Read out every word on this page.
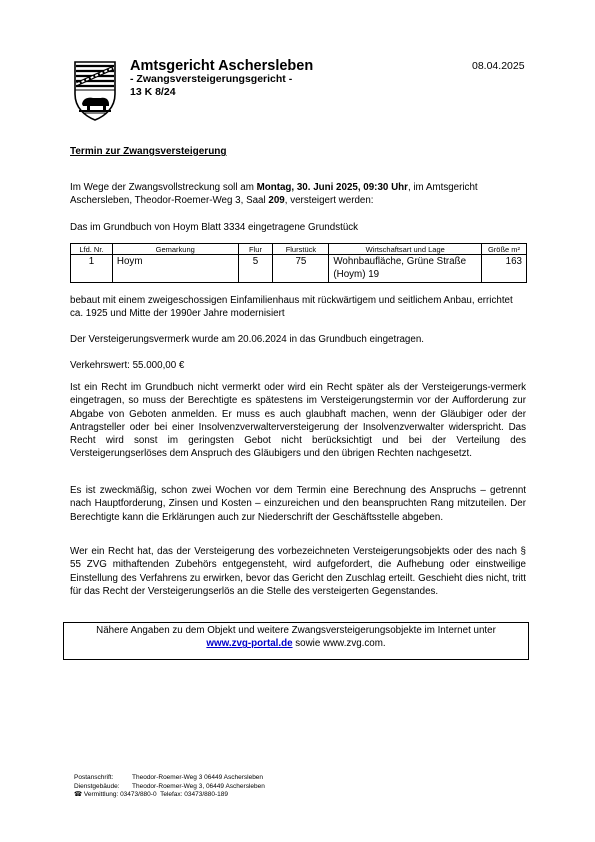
Amtsgericht Aschersleben
- Zwangsversteigerungsgericht -
13 K 8/24
08.04.2025
Termin zur Zwangsversteigerung
Im Wege der Zwangsvollstreckung soll am Montag, 30. Juni 2025, 09:30 Uhr, im Amtsgericht Aschersleben, Theodor-Roemer-Weg 3, Saal 209, versteigert werden:
Das im Grundbuch von Hoym Blatt 3334 eingetragene Grundstück
Lfd. Nr.	Gemarkung	Flur	Flurstück	Wirtschaftsart und Lage	Größe m²
1	Hoym	5	75	Wohnbaufläche, Grüne Straße (Hoym) 19	163
bebaut mit einem zweigeschossigen Einfamilienhaus mit rückwärtigem und seitlichem Anbau, errichtet ca. 1925 und Mitte der 1990er Jahre modernisiert
Der Versteigerungsvermerk wurde am 20.06.2024 in das Grundbuch eingetragen.
Verkehrswert: 55.000,00 €
Ist ein Recht im Grundbuch nicht vermerkt oder wird ein Recht später als der Versteigerungs-vermerk eingetragen, so muss der Berechtigte es spätestens im Versteigerungstermin vor der Aufforderung zur Abgabe von Geboten anmelden. Er muss es auch glaubhaft machen, wenn der Gläubiger oder der Antragsteller oder bei einer Insolvenzverwalterversteigerung der Insolvenzverwalter widerspricht. Das Recht wird sonst im geringsten Gebot nicht berücksichtigt und bei der Verteilung des Versteigerungserlöses dem Anspruch des Gläubigers und den übrigen Rechten nachgesetzt.
Es ist zweckmäßig, schon zwei Wochen vor dem Termin eine Berechnung des Anspruchs – getrennt nach Hauptforderung, Zinsen und Kosten – einzureichen und den beanspruchten Rang mitzuteilen. Der Berechtigte kann die Erklärungen auch zur Niederschrift der Geschäftsstelle abgeben.
Wer ein Recht hat, das der Versteigerung des vorbezeichneten Versteigerungsobjekts oder des nach § 55 ZVG mithaftenden Zubehörs entgegensteht, wird aufgefordert, die Aufhebung oder einstweilige Einstellung des Verfahrens zu erwirken, bevor das Gericht den Zuschlag erteilt. Geschieht dies nicht, tritt für das Recht der Versteigerungserlös an die Stelle des versteigerten Gegenstandes.
Nähere Angaben zu dem Objekt und weitere Zwangsversteigerungsobjekte im Internet unter
www.zvg-portal.de sowie www.zvg.com.
Postanschrift:	Theodor-Roemer-Weg 3 06449 Aschersleben
Dienstgebäude: Theodor-Roemer-Weg 3, 06449 Aschersleben
☎ Vermittlung: 03473/880-0 Telefax: 03473/880-189
